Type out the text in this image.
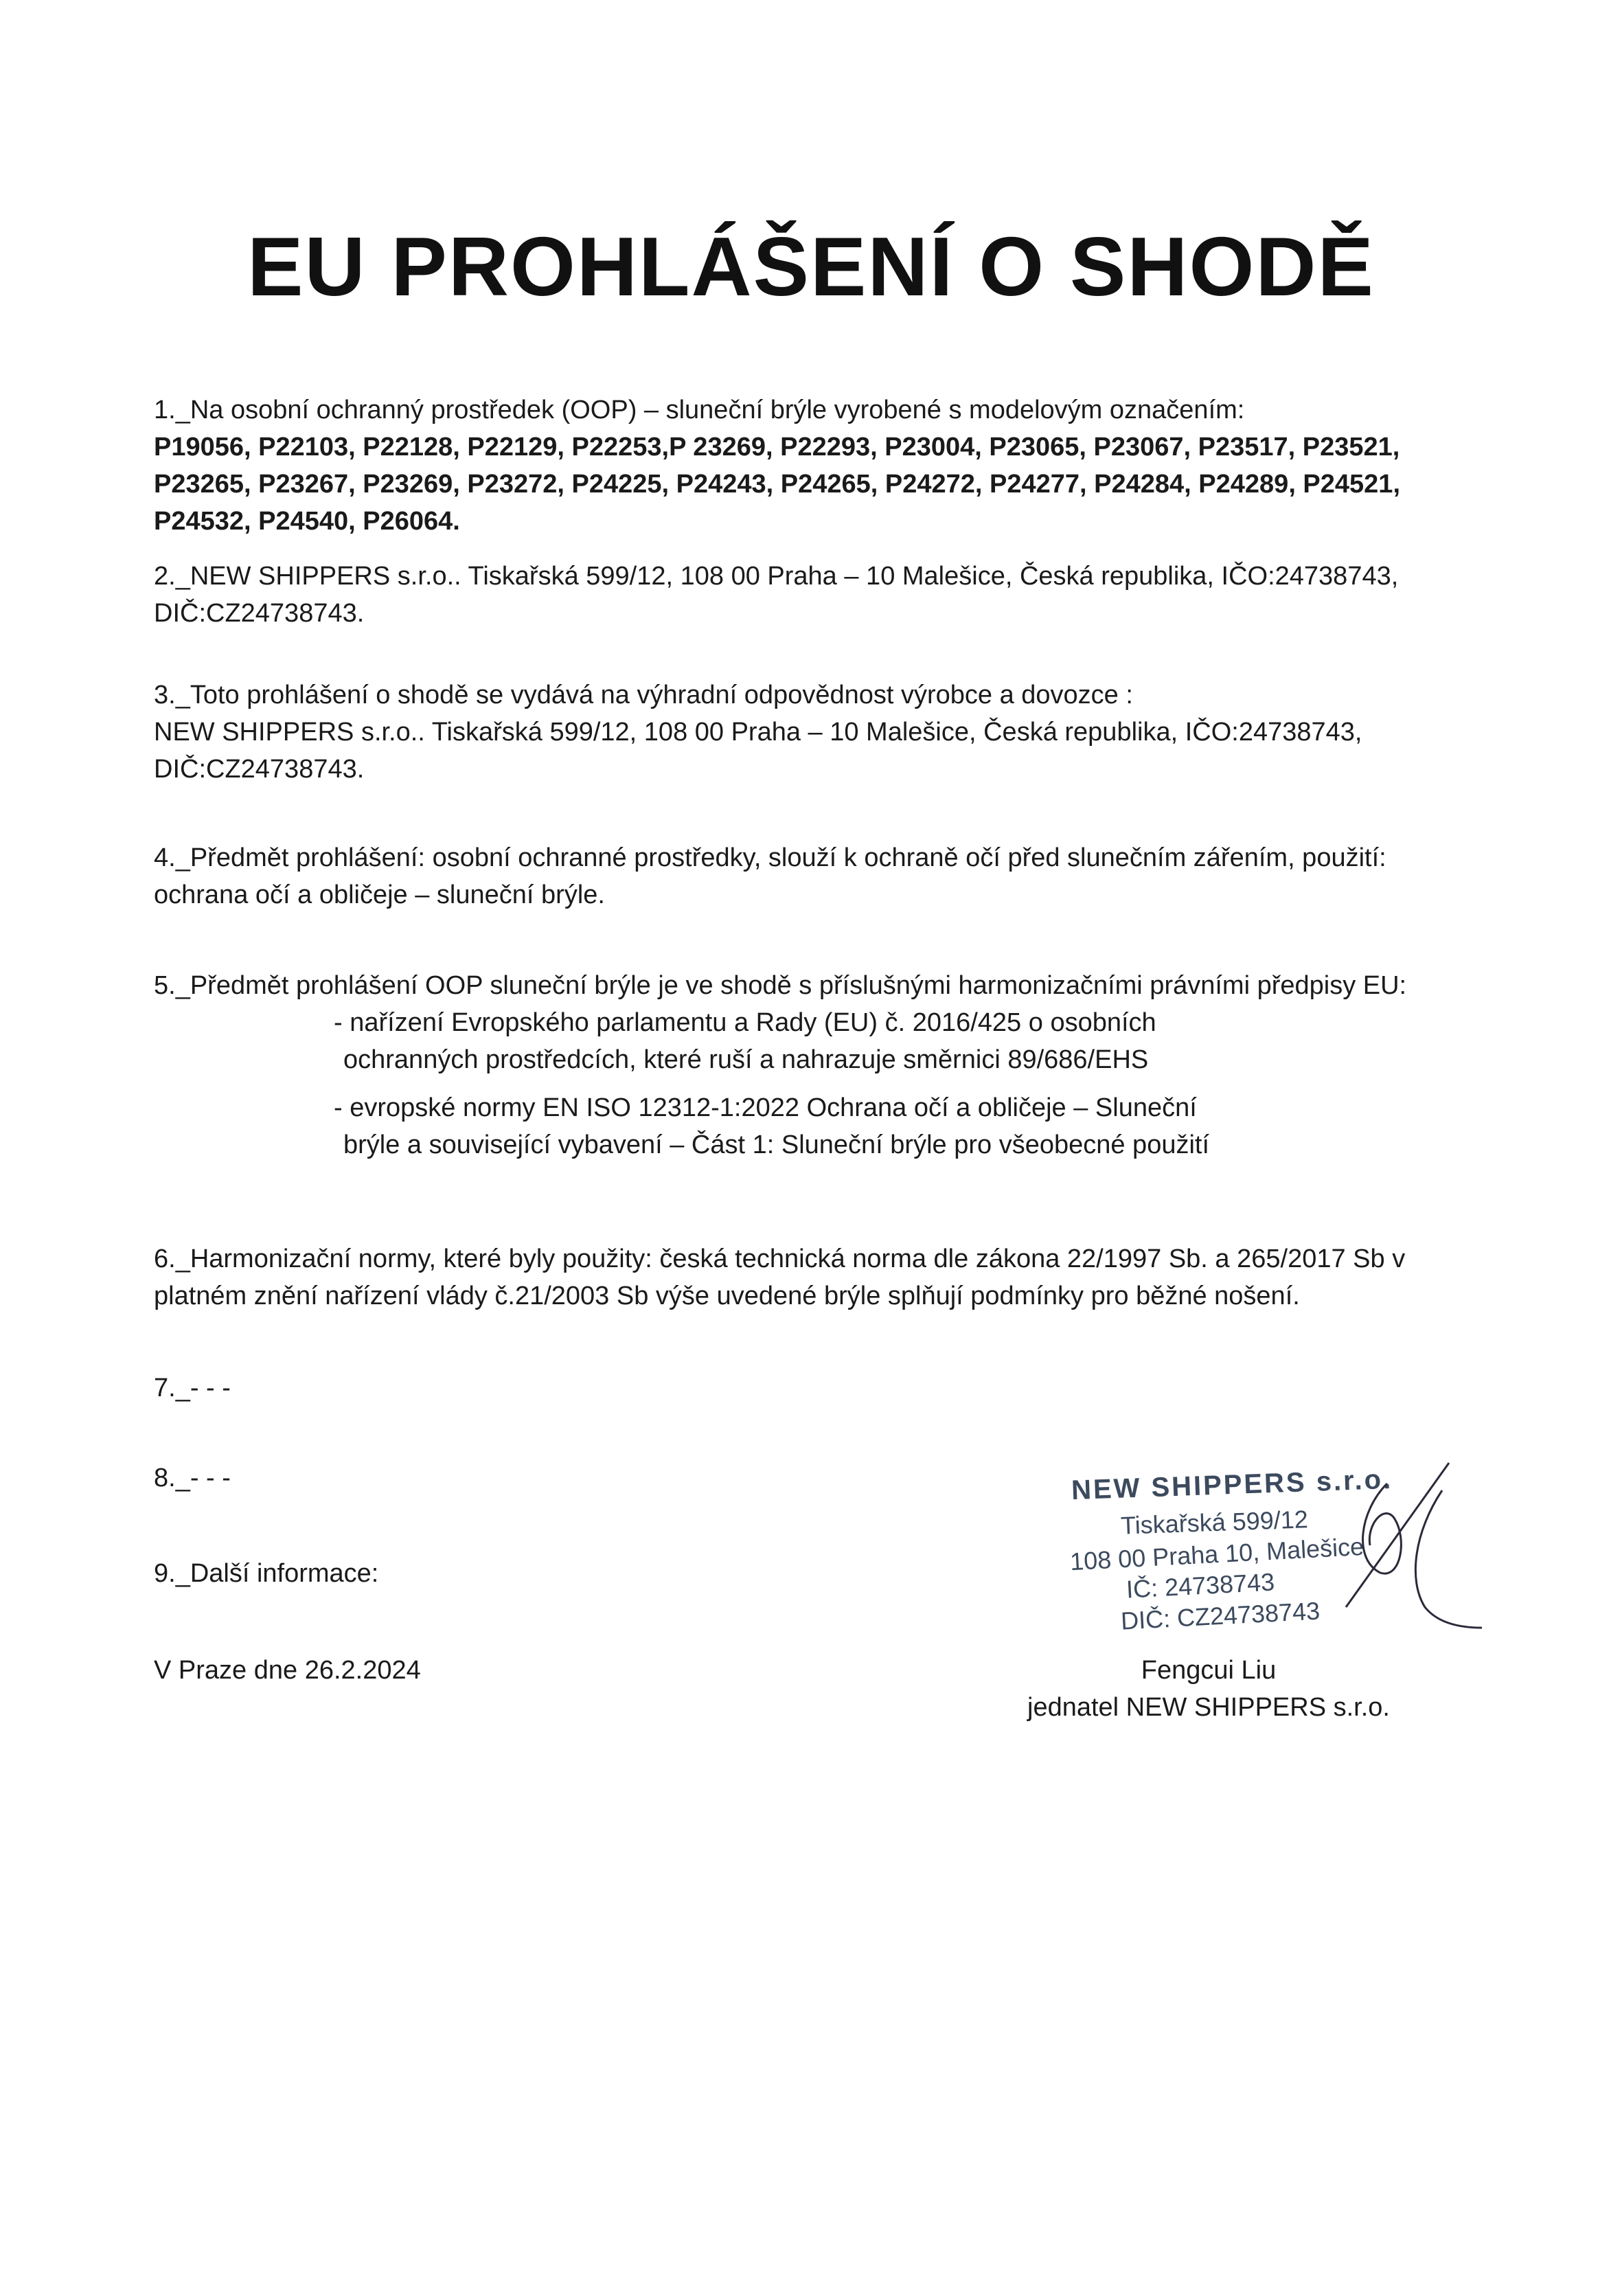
EU PROHLÁŠENÍ O SHODĚ
1._Na osobní ochranný prostředek (OOP) – sluneční brýle vyrobené s modelovým označením:
P19056, P22103, P22128, P22129, P22253,P 23269, P22293, P23004, P23065, P23067, P23517, P23521,
P23265, P23267, P23269, P23272, P24225, P24243, P24265, P24272, P24277, P24284, P24289, P24521,
P24532, P24540, P26064.
2._NEW SHIPPERS s.r.o.. Tiskařská 599/12, 108 00 Praha – 10 Malešice, Česká republika, IČO:24738743,
DIČ:CZ24738743.
3._Toto prohlášení o shodě se vydává na výhradní odpovědnost výrobce a dovozce :
NEW SHIPPERS s.r.o.. Tiskařská 599/12, 108 00 Praha – 10 Malešice, Česká republika, IČO:24738743,
DIČ:CZ24738743.
4._Předmět prohlášení: osobní ochranné prostředky, slouží k ochraně očí před slunečním zářením, použití:
ochrana očí a obličeje – sluneční brýle.
5._Předmět prohlášení OOP sluneční brýle je ve shodě s příslušnými harmonizačními právními předpisy EU:
- nařízení Evropského parlamentu a Rady (EU) č. 2016/425 o osobních
ochranných prostředcích, které ruší a nahrazuje směrnici 89/686/EHS
- evropské normy EN ISO 12312-1:2022 Ochrana očí a obličeje – Sluneční
brýle a související vybavení – Část 1: Sluneční brýle pro všeobecné použití
6._Harmonizační normy, které byly použity: česká technická norma dle zákona 22/1997 Sb. a 265/2017 Sb v
platném znění nařízení vlády č.21/2003 Sb výše uvedené brýle splňují podmínky pro běžné nošení.
7._- - -
8._- - -
9._Další informace:
V Praze dne 26.2.2024
NEW SHIPPERS s.r.o.
Tiskařská 599/12
108 00 Praha 10, Malešice
IČ: 24738743
DIČ: CZ24738743
Fengcui Liu
jednatel NEW SHIPPERS s.r.o.
